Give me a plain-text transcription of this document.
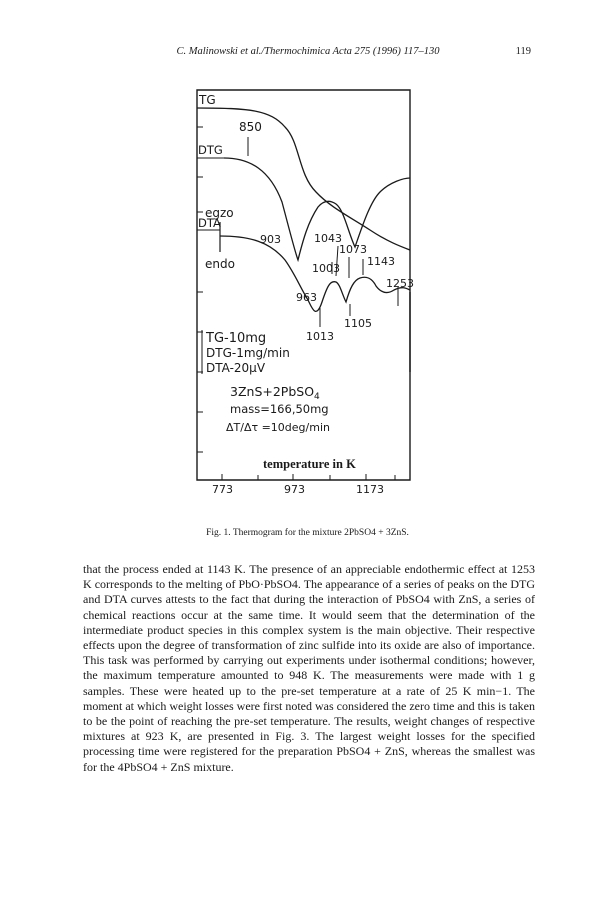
C. Malinowski et al./Thermochimica Acta 275 (1996) 117–130	119
TG
DTG
850
egzo
DTA
endo
903	1043
1073
1003
1143
1253
963
1013
1105
TG-10mg
DTG-1mg/min
DTA-20µV
3ZnS+2PbSO$_4$
mass=166,50mg
ΔT/Δτ =10deg/min
temperature in K
773	973	1173
Fig. 1. Thermogram for the mixture 2PbSO4 + 3ZnS.

that the process ended at 1143 K. The presence of an appreciable endothermic effect at 1253 K corresponds to the melting of PbO·PbSO4. The appearance of a series of peaks on the DTG and DTA curves attests to the fact that during the interaction of PbSO4 with ZnS, a series of chemical reactions occur at the same time. It would seem that the determination of the intermediate product species in this complex system is the main objective. Their respective effects upon the degree of transformation of zinc sulfide into its oxide are also of importance. This task was performed by carrying out experiments under isothermal conditions; however, the maximum temperature amounted to 948 K. The measurements were made with 1 g samples. These were heated up to the pre-set temperature at a rate of 25 K min−1. The moment at which weight losses were first noted was considered the zero time and this is taken to be the point of reaching the pre-set temperature. The results, weight changes of respective mixtures at 923 K, are presented in Fig. 3. The largest weight losses for the specified processing time were registered for the preparation PbSO4 + ZnS, whereas the smallest was for the 4PbSO4 + ZnS mixture.
